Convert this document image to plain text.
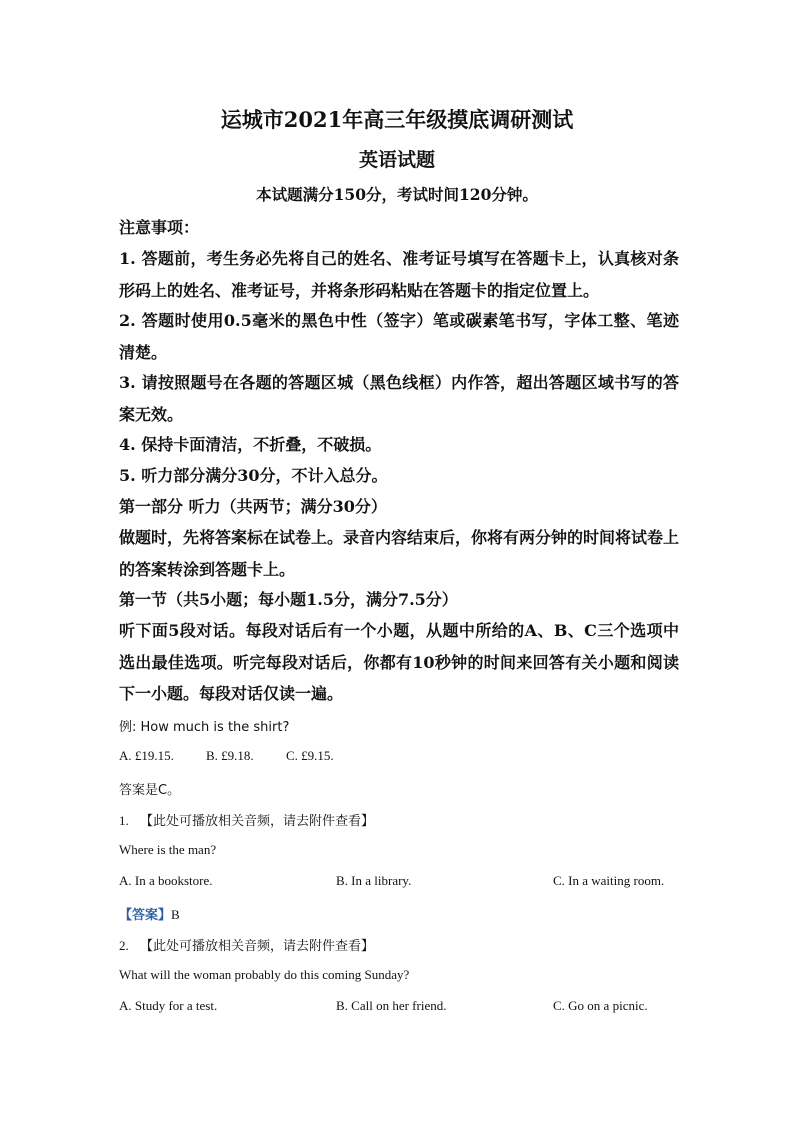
运城市2021年高三年级摸底调研测试
英语试题
本试题满分150分，考试时间120分钟。
注意事项：
1. 答题前，考生务必先将自己的姓名、准考证号填写在答题卡上，认真核对条形码上的姓名、准考证号，并将条形码粘贴在答题卡的指定位置上。
2. 答题时使用0.5毫米的黑色中性（签字）笔或碳素笔书写，字体工整、笔迹清楚。
3. 请按照题号在各题的答题区城（黑色线框）内作答，超出答题区域书写的答案无效。
4. 保持卡面清洁，不折叠，不破损。
5. 听力部分满分30分，不计入总分。
第一部分 听力（共两节；满分30分）
做题时，先将答案标在试卷上。录音内容结束后，你将有两分钟的时间将试卷上的答案转涂到答题卡上。
第一节（共5小题；每小题1.5分，满分7.5分）
听下面5段对话。每段对话后有一个小题，从题中所给的A、B、C三个选项中选出最佳选项。听完每段对话后，你都有10秒钟的时间来回答有关小题和阅读下一小题。每段对话仅读一遍。
例: How much is the shirt?
A. £19.15. B. £9.18. C. £9.15.
答案是C。
1. 【此处可播放相关音频，请去附件查看】
Where is the man?
A. In a bookstore.	B. In a library.	C. In a waiting room.
【答案】B
2. 【此处可播放相关音频，请去附件查看】
What will the woman probably do this coming Sunday?
A. Study for a test.	B. Call on her friend.	C. Go on a picnic.
